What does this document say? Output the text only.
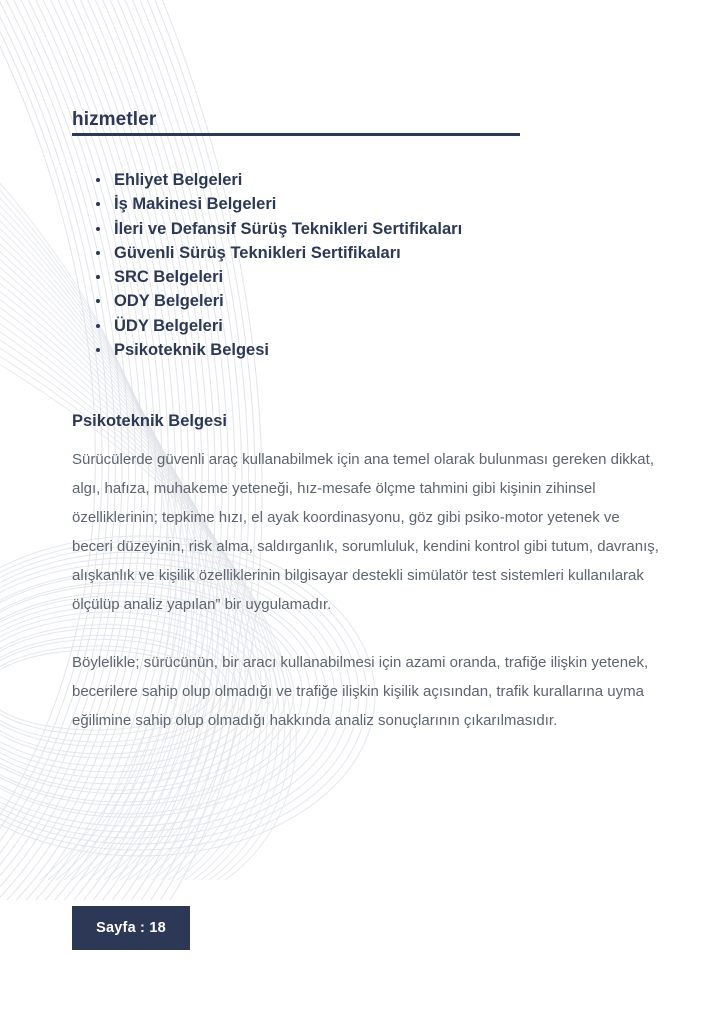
hizmetler
Ehliyet Belgeleri
İş Makinesi Belgeleri
İleri ve Defansif Sürüş Teknikleri Sertifikaları
Güvenli Sürüş Teknikleri Sertifikaları
SRC Belgeleri
ODY Belgeleri
ÜDY Belgeleri
Psikoteknik Belgesi
Psikoteknik Belgesi

Sürücülerde güvenli araç kullanabilmek için ana temel olarak bulunması gereken dikkat, algı, hafıza, muhakeme yeteneği, hız-mesafe ölçme tahmini gibi kişinin zihinsel özelliklerinin; tepkime hızı, el ayak koordinasyonu, göz gibi psiko-motor yetenek ve beceri düzeyinin, risk alma, saldırganlık, sorumluluk, kendini kontrol gibi tutum, davranış, alışkanlık ve kişilik özelliklerinin bilgisayar destekli simülatör test sistemleri kullanılarak ölçülüp analiz yapılan” bir uygulamadır.

Böylelikle; sürücünün, bir aracı kullanabilmesi için azami oranda, trafiğe ilişkin yetenek, becerilere sahip olup olmadığı ve trafiğe ilişkin kişilik açısından, trafik kurallarına uyma eğilimine sahip olup olmadığı hakkında analiz sonuçlarının çıkarılmasıdır.

Sayfa : 18
